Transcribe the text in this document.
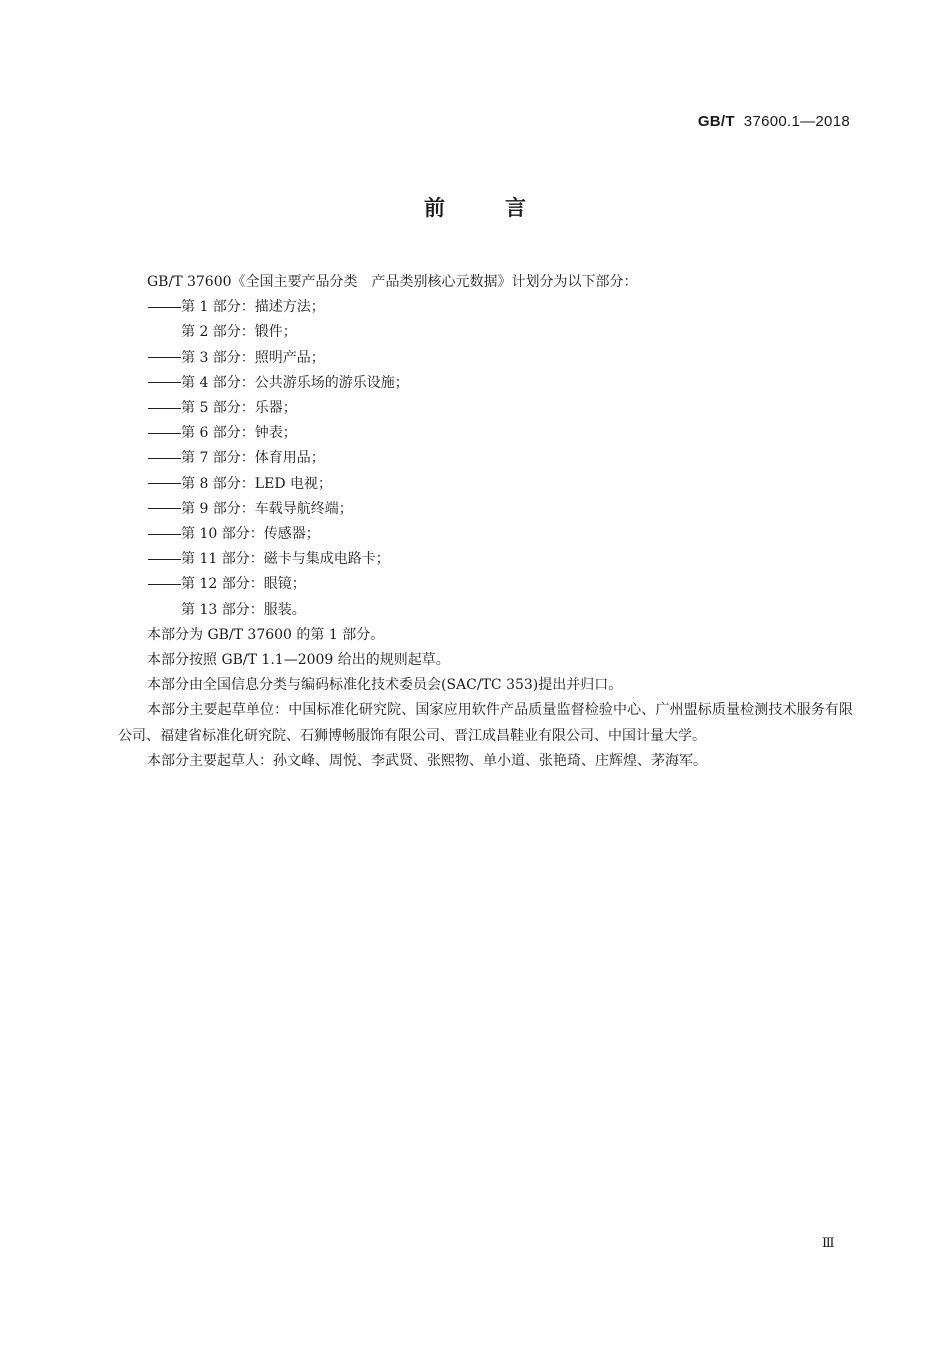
GB/T 37600.1—2018
前言
GB/T 37600《全国主要产品分类　产品类别核心元数据》计划分为以下部分：
第 1 部分：描述方法；
第 2 部分：锻件；
第 3 部分：照明产品；
第 4 部分：公共游乐场的游乐设施；
第 5 部分：乐器；
第 6 部分：钟表；
第 7 部分：体育用品；
第 8 部分：LED 电视；
第 9 部分：车载导航终端；
第 10 部分：传感器；
第 11 部分：磁卡与集成电路卡；
第 12 部分：眼镜；
第 13 部分：服装。
本部分为 GB/T 37600 的第 1 部分。
本部分按照 GB/T 1.1—2009 给出的规则起草。
本部分由全国信息分类与编码标准化技术委员会(SAC/TC 353)提出并归口。
本部分主要起草单位：中国标准化研究院、国家应用软件产品质量监督检验中心、广州盟标质量检测技术服务有限公司、福建省标准化研究院、石狮博畅服饰有限公司、晋江成昌鞋业有限公司、中国计量大学。
本部分主要起草人：孙文峰、周悦、李武贤、张熙物、单小道、张艳琦、庄辉煌、茅海军。
Ⅲ
